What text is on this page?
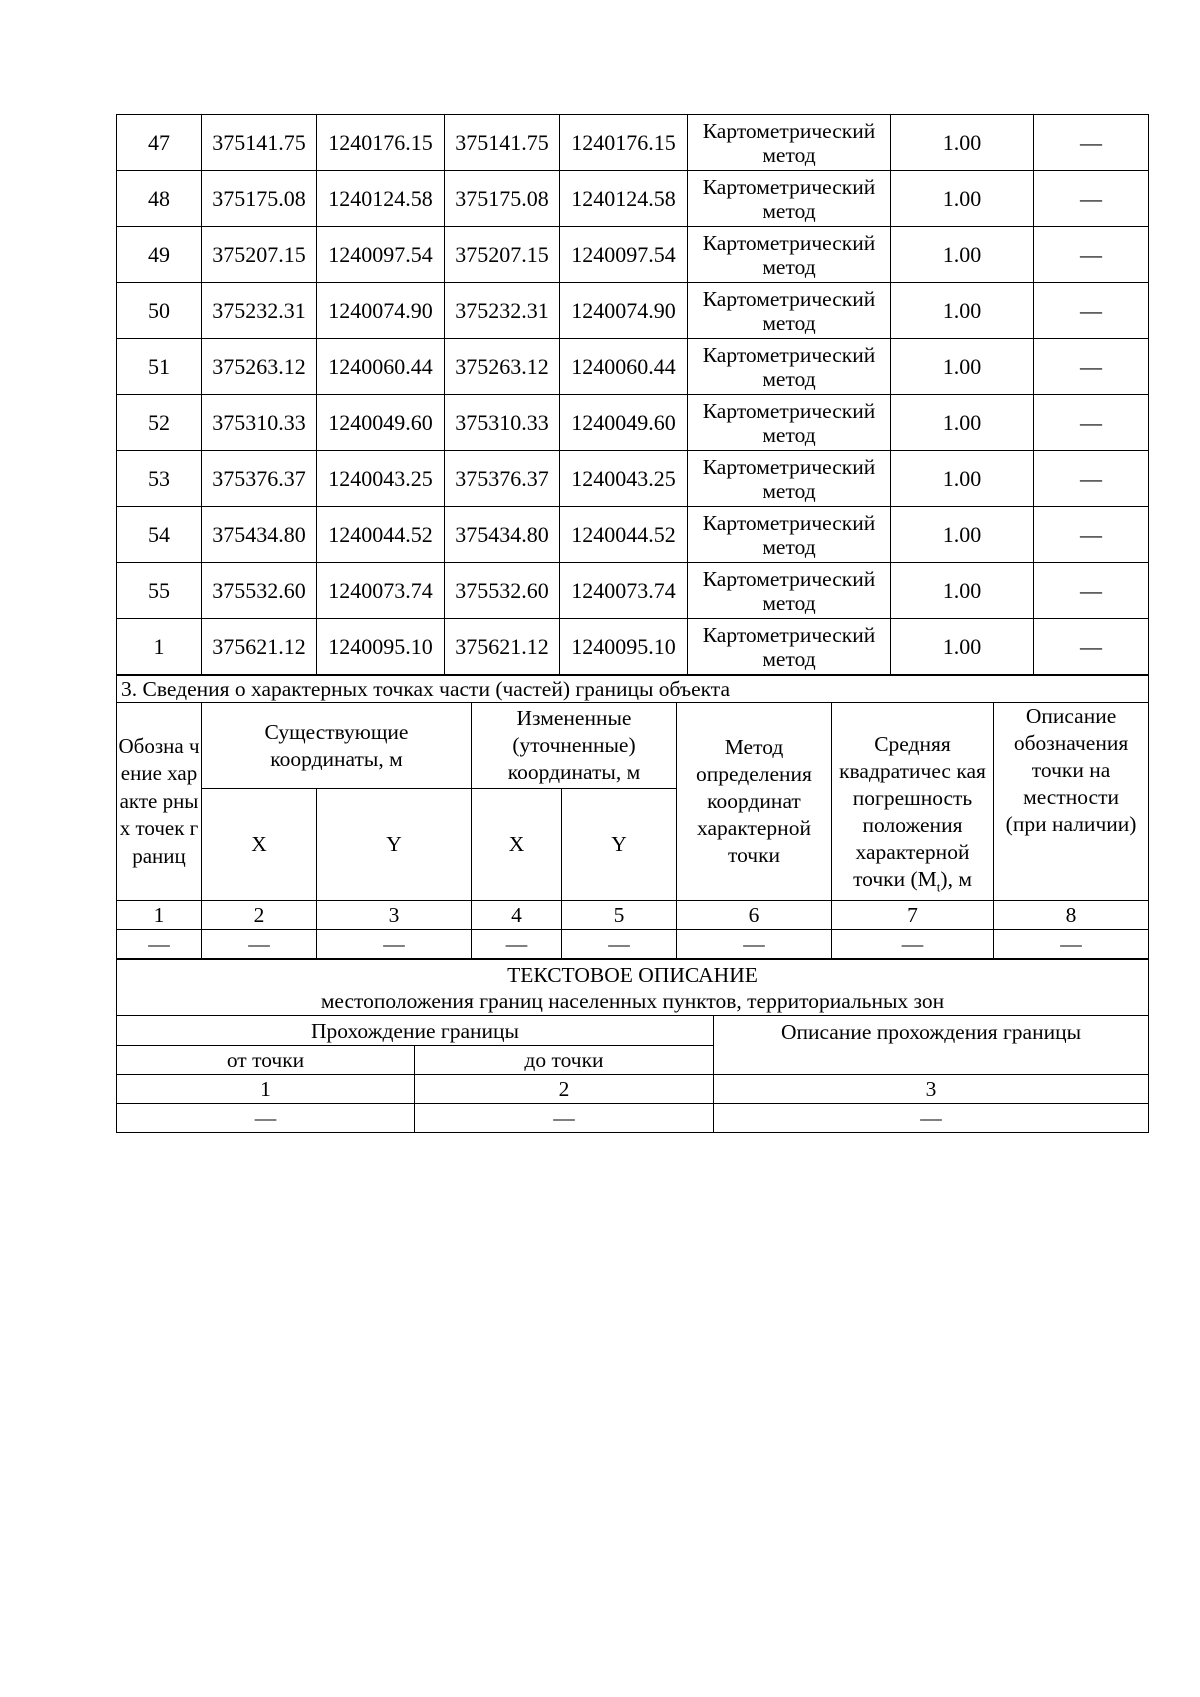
47	375141.75	1240176.15	375141.75	1240176.15	Картометрический метод	1.00	—
48	375175.08	1240124.58	375175.08	1240124.58	Картометрический метод	1.00	—
49	375207.15	1240097.54	375207.15	1240097.54	Картометрический метод	1.00	—
50	375232.31	1240074.90	375232.31	1240074.90	Картометрический метод	1.00	—
51	375263.12	1240060.44	375263.12	1240060.44	Картометрический метод	1.00	—
52	375310.33	1240049.60	375310.33	1240049.60	Картометрический метод	1.00	—
53	375376.37	1240043.25	375376.37	1240043.25	Картометрический метод	1.00	—
54	375434.80	1240044.52	375434.80	1240044.52	Картометрический метод	1.00	—
55	375532.60	1240073.74	375532.60	1240073.74	Картометрический метод	1.00	—
1	375621.12	1240095.10	375621.12	1240095.10	Картометрический метод	1.00	—
3. Сведения о характерных точках части (частей) границы объекта							
Обозна чение характе рных точек границ	Существующие координаты, м		Измененные (уточненные) координаты, м		Метод определения координат характерной точки	Средняя квадратичес кая погрешность положения характерной точки $(M_t)$, м	Описание обозначения точки на местности (при наличии)
	X	Y	X	Y			
1	2	3	4	5	6	7	8
—	—	—	—	—	—	—	—
ТЕКСТОВОЕ ОПИСАНИЕ
местоположения границ населенных пунктов, территориальных зон		

Прохождение границы		Описание прохождения границы
от точки	до точки	
1	2	3
—	—	—
